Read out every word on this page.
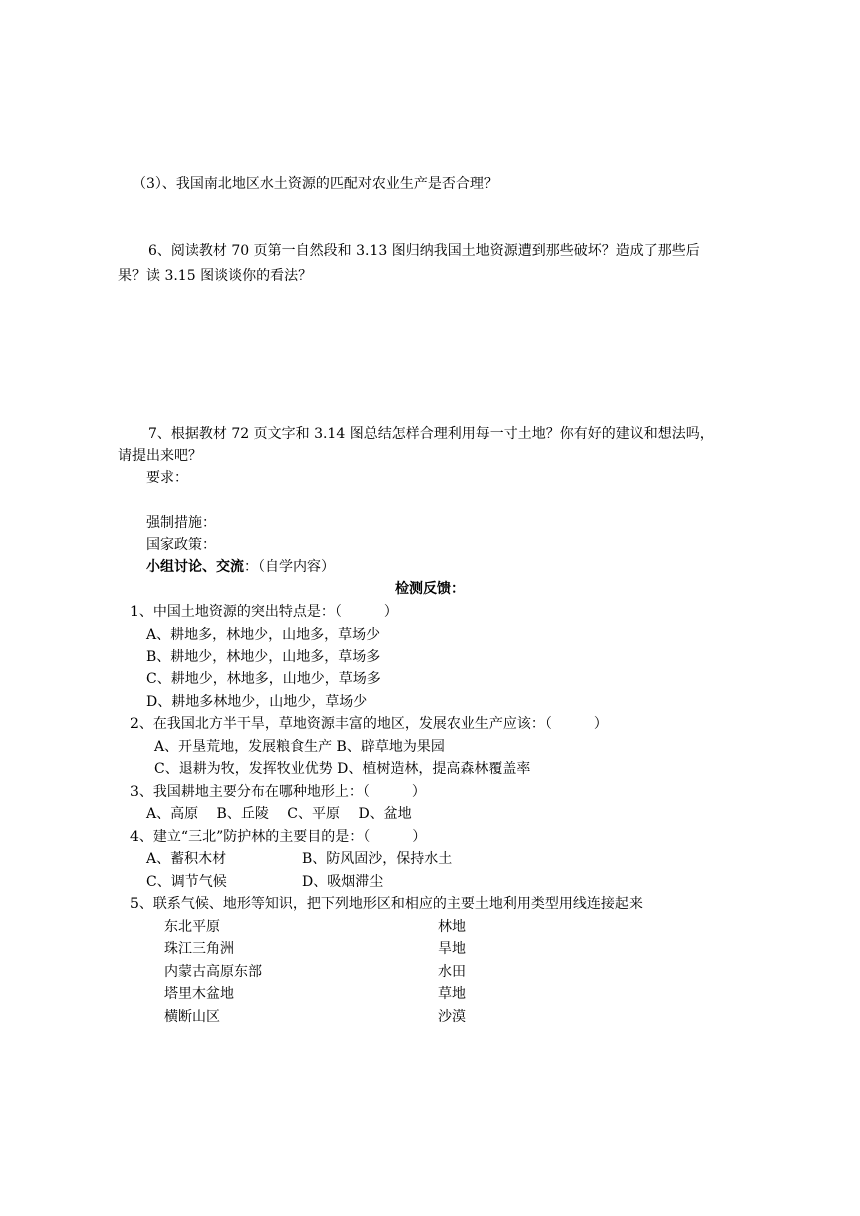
（3）、我国南北地区水土资源的匹配对农业生产是否合理？
6、阅读教材 70 页第一自然段和 3.13 图归纳我国土地资源遭到那些破坏？造成了那些后
果？读 3.15 图谈谈你的看法？
7、根据教材 72 页文字和 3.14 图总结怎样合理利用每一寸土地？你有好的建议和想法吗，
请提出来吧？
要求：
强制措施：
国家政策：
小组讨论、交流：（自学内容）
检测反馈：
1、中国土地资源的突出特点是：（　　　）
A、耕地多，林地少，山地多，草场少
B、耕地少，林地少，山地多，草场多
C、耕地少，林地多，山地少，草场多
D、耕地多林地少，山地少，草场少
2、在我国北方半干旱，草地资源丰富的地区，发展农业生产应该：（　　　）
A、开垦荒地，发展粮食生产 B、辟草地为果园
C、退耕为牧，发挥牧业优势 D、植树造林，提高森林覆盖率
3、我国耕地主要分布在哪种地形上：（　　　）
A、高原　 B、丘陵　 C、平原　 D、盆地
4、建立“三北”防护林的主要目的是：（　　　）
A、蓄积木材	B、防风固沙，保持水土
C、调节气候	D、吸烟滞尘
5、联系气候、地形等知识，把下列地形区和相应的主要土地利用类型用线连接起来
东北平原
珠江三角洲
内蒙古高原东部
塔里木盆地
横断山区
林地
旱地
水田
草地
沙漠
